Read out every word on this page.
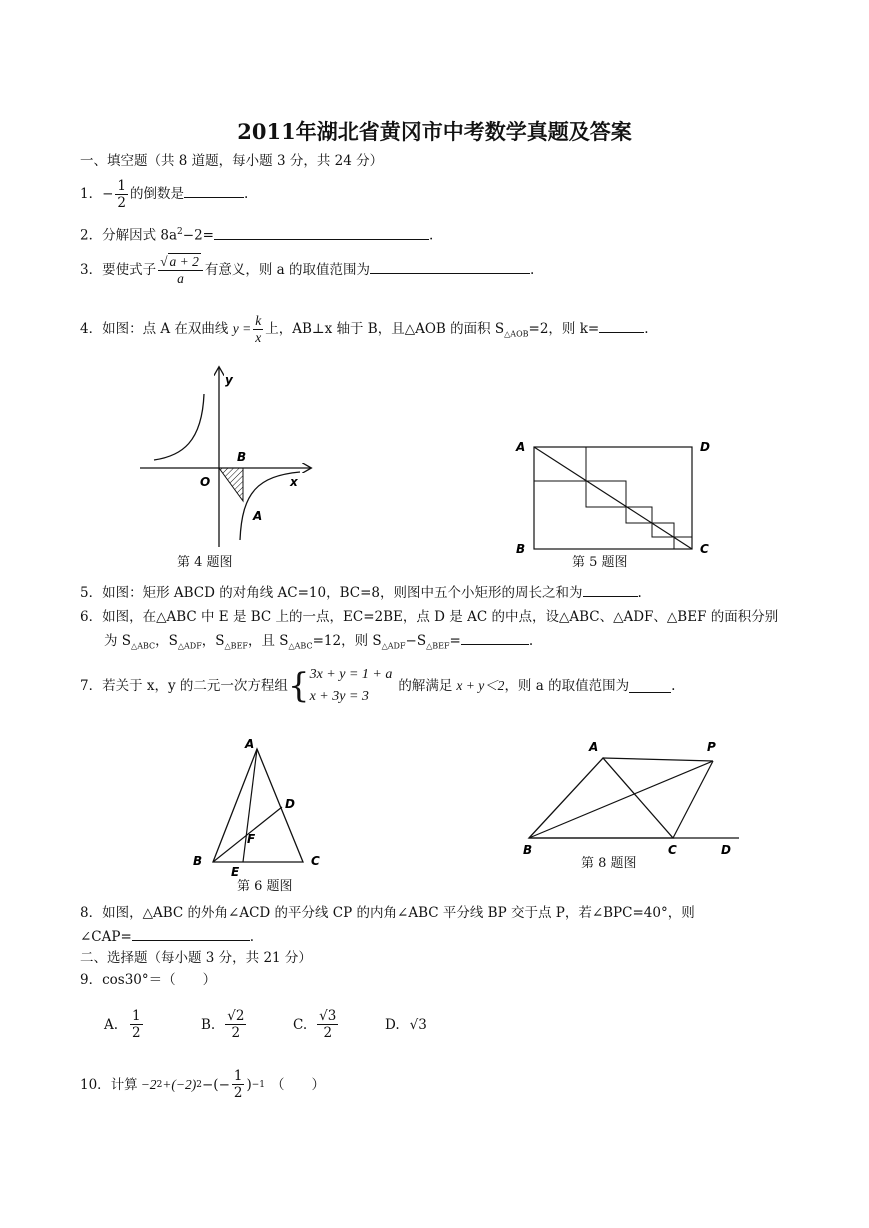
2011年湖北省黄冈市中考数学真题及答案
一、填空题（共 8 道题，每小题 3 分，共 24 分）
1．− $\frac{1}{2}$ 的倒数是	.
2．分解因式 $8a^2-2=$	.
3．要使式子 $\frac{√ a + 2}{a}$ 有意义，则 a 的取值范围为	.
4．如图：点 A 在双曲线 $y = \frac{k}{x}$ 上，AB⊥x 轴于 B，且△AOB 的面积 $S_{\triangle AOB}=2$，则 k=	.
y
x
O
B
A
第 4 题图
A	D
B	C
第 5 题图
5．如图：矩形 ABCD 的对角线 AC=10，BC=8，则图中五个小矩形的周长之和为	.
6．如图，在△ABC 中 E 是 BC 上的一点，EC=2BE，点 D 是 AC 的中点，设△ABC、△ADF、△BEF 的面积分别
为 $S_{\triangle ABC}$，$S_{\triangle ADF}$，$S_{\triangle BEF}$，且 $S_{\triangle ABC}=12$，则 $S_{\triangle ADF}-S_{\triangle BEF}=$	.
7． 若关于 x，y 的二元一次方程组 { 3x + y = 1 + a
x + 3y = 3
的解满足 x + y＜2 ，则 a 的取值范围为	.
A
B	C
D
E
F
第 6 题图
A	P
B	C	D
第 8 题图
8．如图，△ABC 的外角∠ACD 的平分线 CP 的内角∠ABC 平分线 BP 交于点 P，若∠BPC=40°，则
∠CAP=	.
二、选择题（每小题 3 分，共 21 分）
9．cos30°＝（　　）
A. $\frac{1}{2}$	B. $\frac{√2}{2}$	C. $\frac{√3}{2}$	D. √3
10． 计算 −2 2 +(−2) 2 −(− $\frac{1}{2}$ ) −1 （　　）
